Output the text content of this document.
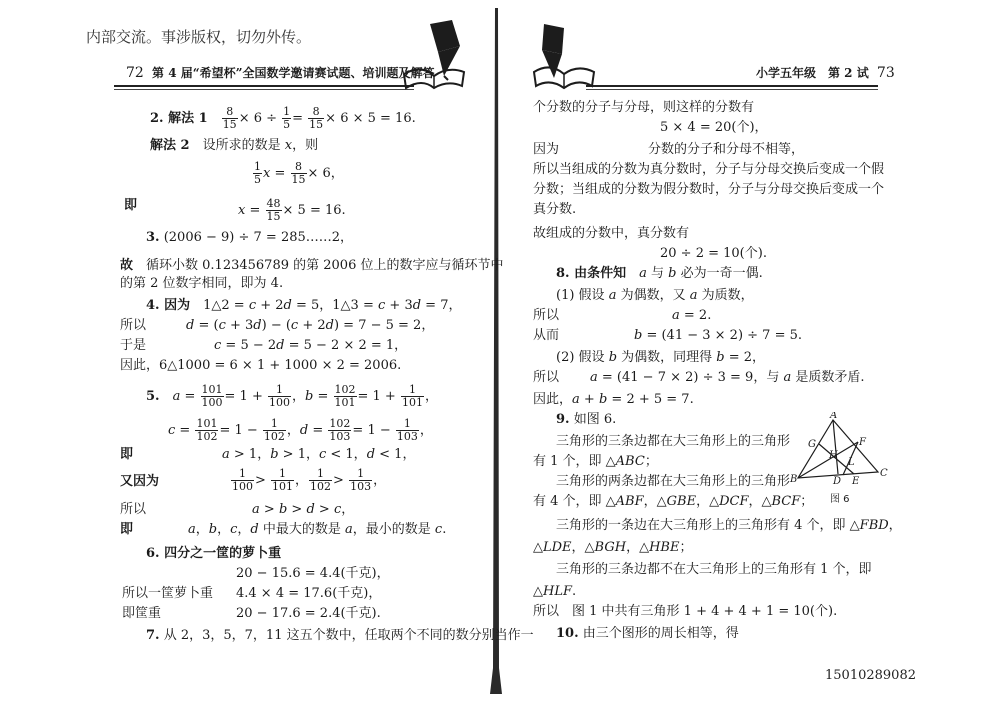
内部交流。事涉版权，切勿外传。
72 第 4 届“希望杯”全国数学邀请赛试题、培训题及解答	小学五年级　第 2 试 73
2. 解法 1　 $\frac{8}{15} \times 6 \div \frac{1}{5} = \frac{8}{15} \times 6 \times 5 = 16$.
解法 2　设所求的数是 x，则
$\frac{1}{5}$ $x = \frac{8}{15} \times 6$，
即	$x = \frac{48}{15} \times 5 = 16$.
3. (2006 − 9) ÷ 7 = 285……2，
故　循环小数 0.123456789 的第 2006 位上的数字应与循环节中
的第 2 位数字相同，即为 4.
4. 因为　1△2 = c + 2d = 5，1△3 = c + 3d = 7，
所以	d = (c + 3d) − (c + 2d) = 7 − 5 = 2，
于是	c = 5 − 2d = 5 − 2 × 2 = 1，
因此，6△1000 = 6 × 1 + 1000 × 2 = 2006.
5.　 $a = \frac{101}{100} = 1 + \frac{1}{100}$ ，$b = \frac{102}{101} = 1 + \frac{1}{101}$ ，
$c = \frac{101}{102} = 1 - \frac{1}{102}$ ，$d = \frac{102}{103} = 1 - \frac{1}{103}$ ，
即	a > 1，b > 1，c < 1，d < 1，
又因为	$\frac{1}{100} > \frac{1}{101}$ ， $\frac{1}{102} > \frac{1}{103}$ ，
所以	a > b > d > c，
即	a，b，c，d 中最大的数是 a，最小的数是 c.
6. 四分之一筐的萝卜重
20 − 15.6 = 4.4(千克)，
所以一筐萝卜重 4.4 × 4 = 17.6(千克)，
即筐重	20 − 17.6 = 2.4(千克).
7. 从 2，3，5，7，11 这五个数中，任取两个不同的数分别当作一
个分数的分子与分母，则这样的分数有
5 × 4 = 20(个)，
因为	分数的分子和分母不相等，
所以当组成的分数为真分数时，分子与分母交换后变成一个假
分数；当组成的分数为假分数时，分子与分母交换后变成一个
真分数.
故组成的分数中，真分数有
20 ÷ 2 = 10(个).
8. 由条件知　 a 与 b 必为一奇一偶.
(1) 假设 a 为偶数，又 a 为质数，
所以	a = 2.
从而	b = (41 − 3 × 2) ÷ 7 = 5.
(2) 假设 b 为偶数，同理得 b = 2，
所以 a = (41 − 7 × 2) ÷ 3 = 9，与 a 是质数矛盾.
因此，a + b = 2 + 5 = 7.
9. 如图 6.
三角形的三条边都在大三角形上的三角形
有 1 个，即 △ABC；
三角形的两条边都在大三角形上的三角形
有 4 个，即 △ABF，△GBE，△DCF，△BCF；
三角形的一条边在大三角形上的三角形有 4 个，即 △FBD，
△LDE，△BGH，△HBE；
三角形的三条边都不在大三角形上的三角形有 1 个，即
△HLF.
所以　图 1 中共有三角形 1 + 4 + 4 + 1 = 10(个).
10. 由三个图形的周长相等，得
A
G	F
H
L
B	D E
C
图 6
15010289082
